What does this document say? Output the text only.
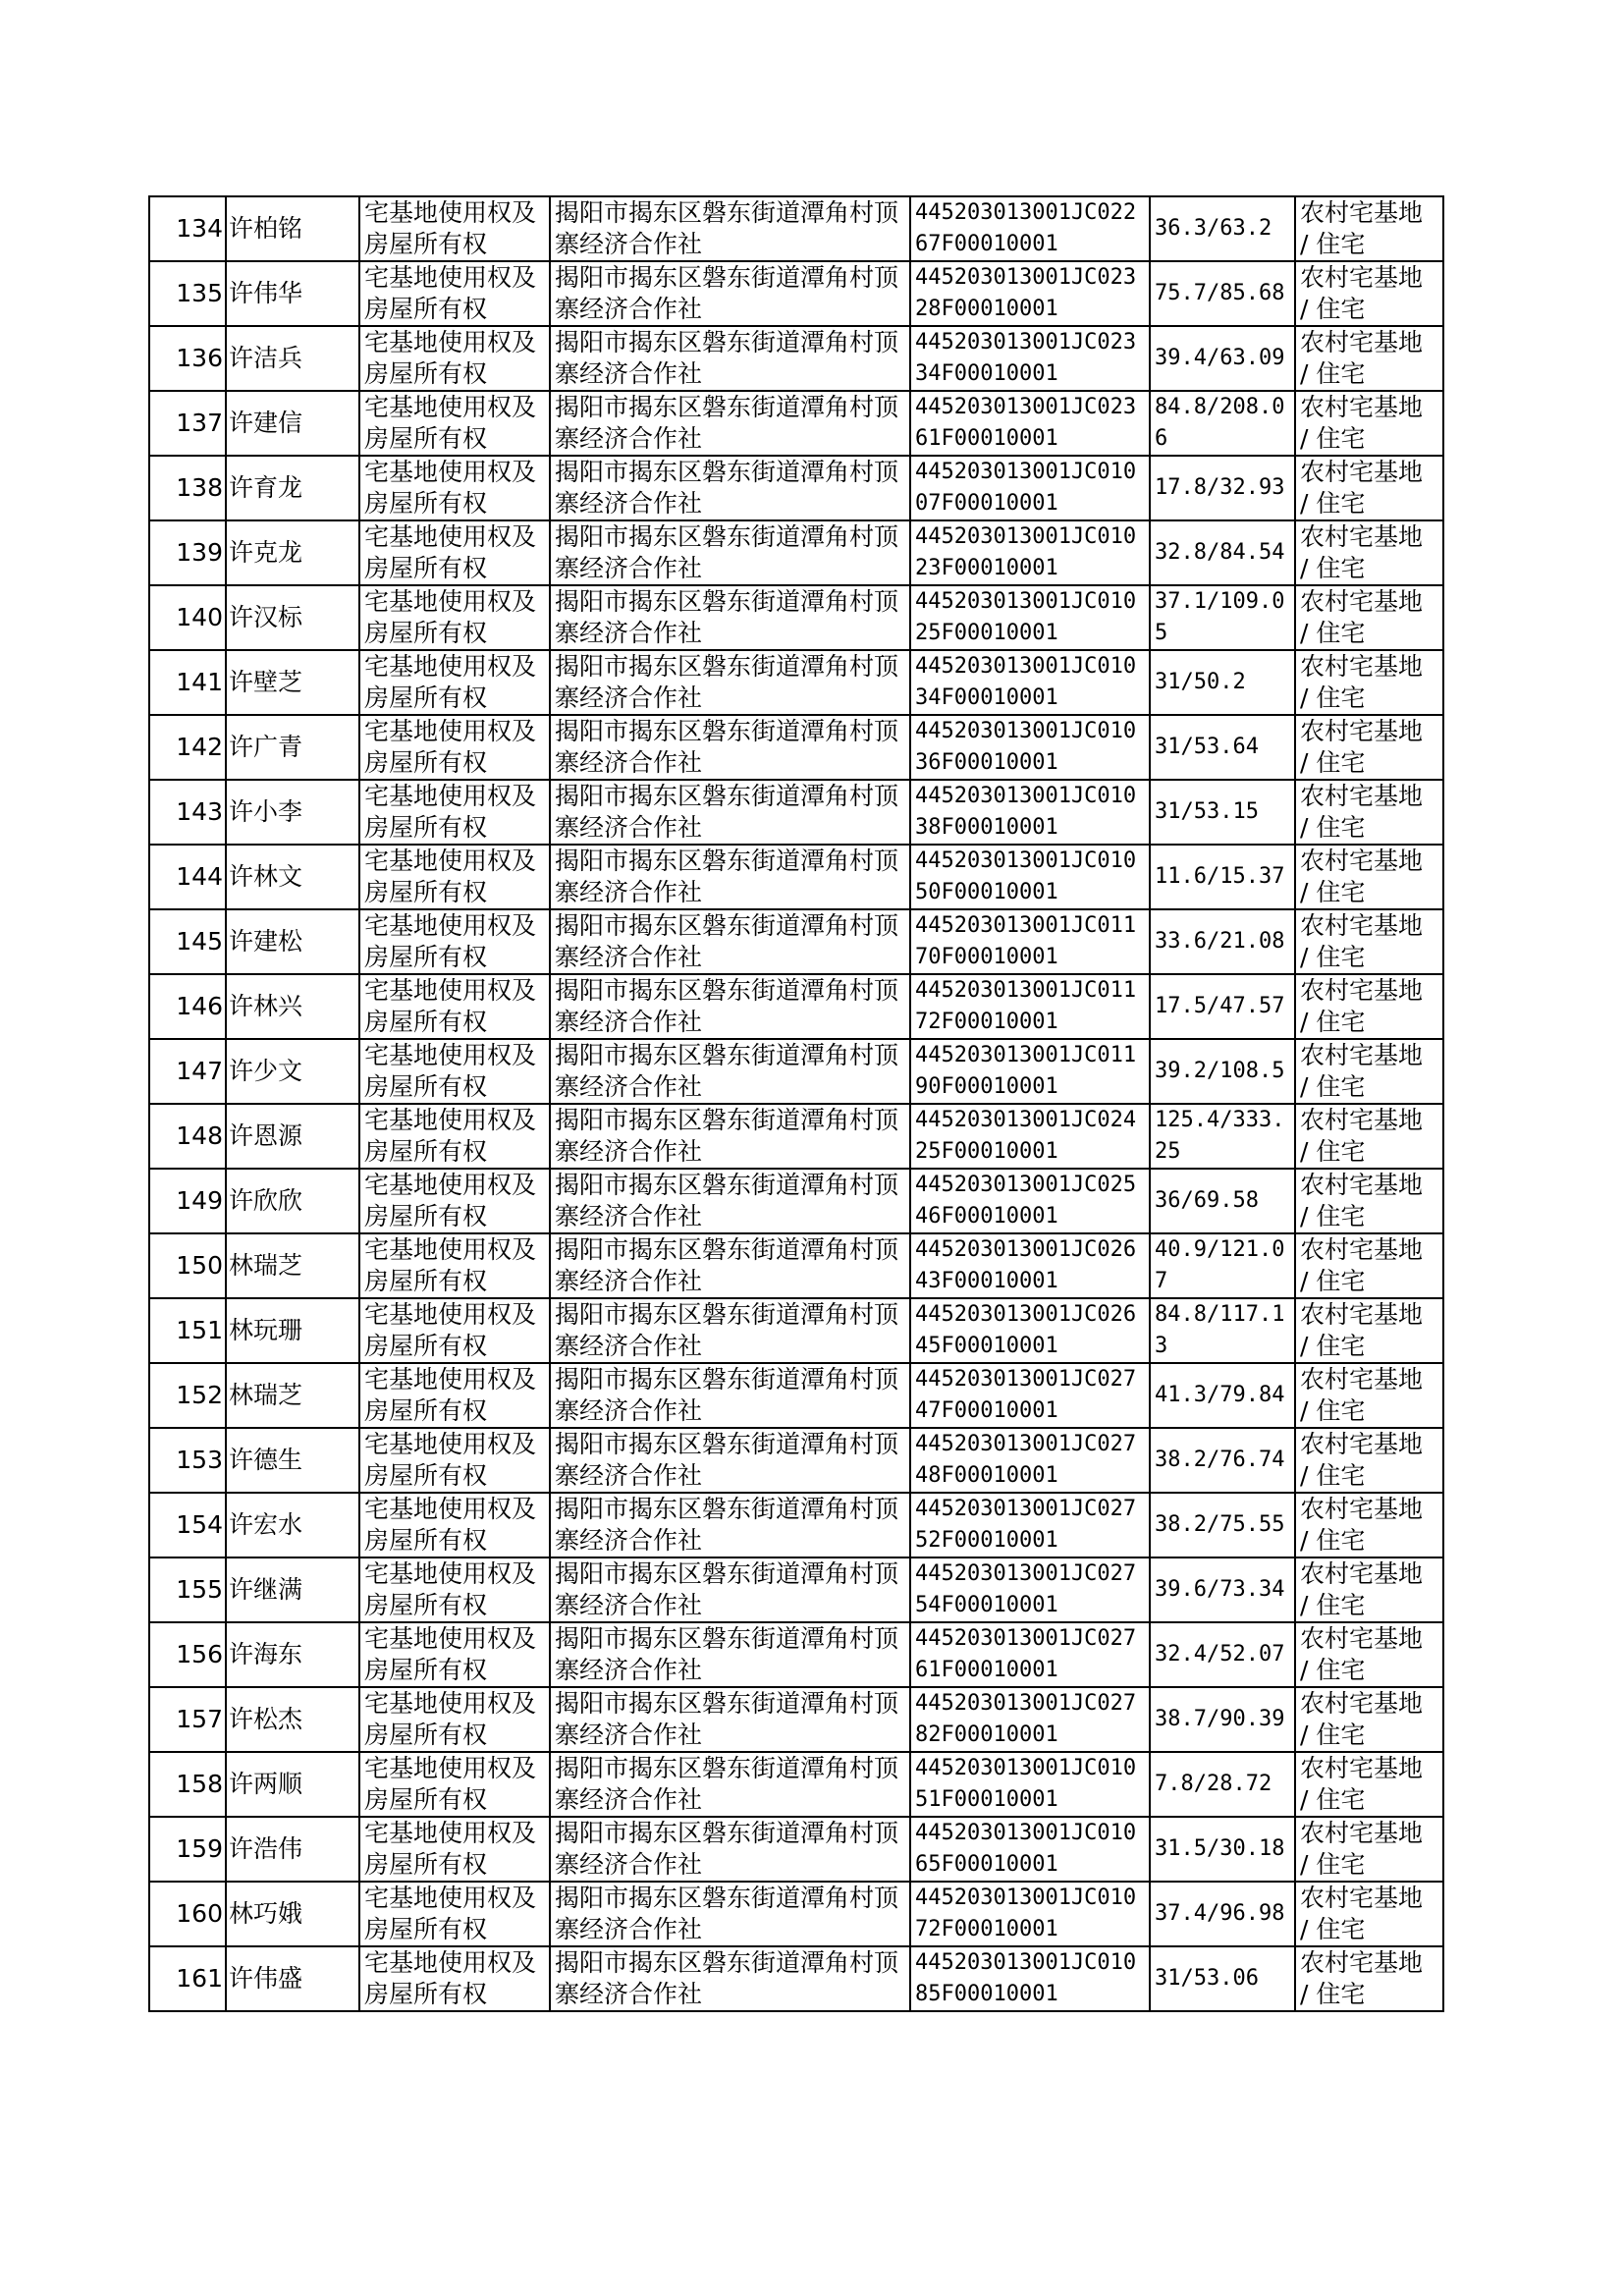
134	许柏铭	宅基地使用权及房屋所有权	揭阳市揭东区磐东街道潭角村顶寨经济合作社	445203013001JC02267F00010001	36.3/63.2	农村宅基地 / 住宅
135	许伟华	宅基地使用权及房屋所有权	揭阳市揭东区磐东街道潭角村顶寨经济合作社	445203013001JC02328F00010001	75.7/85.68	农村宅基地 / 住宅
136	许洁兵	宅基地使用权及房屋所有权	揭阳市揭东区磐东街道潭角村顶寨经济合作社	445203013001JC02334F00010001	39.4/63.09	农村宅基地 / 住宅
137	许建信	宅基地使用权及房屋所有权	揭阳市揭东区磐东街道潭角村顶寨经济合作社	445203013001JC02361F00010001	84.8/208.06	农村宅基地 / 住宅
138	许育龙	宅基地使用权及房屋所有权	揭阳市揭东区磐东街道潭角村顶寨经济合作社	445203013001JC01007F00010001	17.8/32.93	农村宅基地 / 住宅
139	许克龙	宅基地使用权及房屋所有权	揭阳市揭东区磐东街道潭角村顶寨经济合作社	445203013001JC01023F00010001	32.8/84.54	农村宅基地 / 住宅
140	许汉标	宅基地使用权及房屋所有权	揭阳市揭东区磐东街道潭角村顶寨经济合作社	445203013001JC01025F00010001	37.1/109.05	农村宅基地 / 住宅
141	许壁芝	宅基地使用权及房屋所有权	揭阳市揭东区磐东街道潭角村顶寨经济合作社	445203013001JC01034F00010001	31/50.2	农村宅基地 / 住宅
142	许广青	宅基地使用权及房屋所有权	揭阳市揭东区磐东街道潭角村顶寨经济合作社	445203013001JC01036F00010001	31/53.64	农村宅基地 / 住宅
143	许小李	宅基地使用权及房屋所有权	揭阳市揭东区磐东街道潭角村顶寨经济合作社	445203013001JC01038F00010001	31/53.15	农村宅基地 / 住宅
144	许林文	宅基地使用权及房屋所有权	揭阳市揭东区磐东街道潭角村顶寨经济合作社	445203013001JC01050F00010001	11.6/15.37	农村宅基地 / 住宅
145	许建松	宅基地使用权及房屋所有权	揭阳市揭东区磐东街道潭角村顶寨经济合作社	445203013001JC01170F00010001	33.6/21.08	农村宅基地 / 住宅
146	许林兴	宅基地使用权及房屋所有权	揭阳市揭东区磐东街道潭角村顶寨经济合作社	445203013001JC01172F00010001	17.5/47.57	农村宅基地 / 住宅
147	许少文	宅基地使用权及房屋所有权	揭阳市揭东区磐东街道潭角村顶寨经济合作社	445203013001JC01190F00010001	39.2/108.5	农村宅基地 / 住宅
148	许恩源	宅基地使用权及房屋所有权	揭阳市揭东区磐东街道潭角村顶寨经济合作社	445203013001JC02425F00010001	125.4/333.25	农村宅基地 / 住宅
149	许欣欣	宅基地使用权及房屋所有权	揭阳市揭东区磐东街道潭角村顶寨经济合作社	445203013001JC02546F00010001	36/69.58	农村宅基地 / 住宅
150	林瑞芝	宅基地使用权及房屋所有权	揭阳市揭东区磐东街道潭角村顶寨经济合作社	445203013001JC02643F00010001	40.9/121.07	农村宅基地 / 住宅
151	林玩珊	宅基地使用权及房屋所有权	揭阳市揭东区磐东街道潭角村顶寨经济合作社	445203013001JC02645F00010001	84.8/117.13	农村宅基地 / 住宅
152	林瑞芝	宅基地使用权及房屋所有权	揭阳市揭东区磐东街道潭角村顶寨经济合作社	445203013001JC02747F00010001	41.3/79.84	农村宅基地 / 住宅
153	许德生	宅基地使用权及房屋所有权	揭阳市揭东区磐东街道潭角村顶寨经济合作社	445203013001JC02748F00010001	38.2/76.74	农村宅基地 / 住宅
154	许宏水	宅基地使用权及房屋所有权	揭阳市揭东区磐东街道潭角村顶寨经济合作社	445203013001JC02752F00010001	38.2/75.55	农村宅基地 / 住宅
155	许继满	宅基地使用权及房屋所有权	揭阳市揭东区磐东街道潭角村顶寨经济合作社	445203013001JC02754F00010001	39.6/73.34	农村宅基地 / 住宅
156	许海东	宅基地使用权及房屋所有权	揭阳市揭东区磐东街道潭角村顶寨经济合作社	445203013001JC02761F00010001	32.4/52.07	农村宅基地 / 住宅
157	许松杰	宅基地使用权及房屋所有权	揭阳市揭东区磐东街道潭角村顶寨经济合作社	445203013001JC02782F00010001	38.7/90.39	农村宅基地 / 住宅
158	许两顺	宅基地使用权及房屋所有权	揭阳市揭东区磐东街道潭角村顶寨经济合作社	445203013001JC01051F00010001	7.8/28.72	农村宅基地 / 住宅
159	许浩伟	宅基地使用权及房屋所有权	揭阳市揭东区磐东街道潭角村顶寨经济合作社	445203013001JC01065F00010001	31.5/30.18	农村宅基地 / 住宅
160	林巧娥	宅基地使用权及房屋所有权	揭阳市揭东区磐东街道潭角村顶寨经济合作社	445203013001JC01072F00010001	37.4/96.98	农村宅基地 / 住宅
161	许伟盛	宅基地使用权及房屋所有权	揭阳市揭东区磐东街道潭角村顶寨经济合作社	445203013001JC01085F00010001	31/53.06	农村宅基地 / 住宅
